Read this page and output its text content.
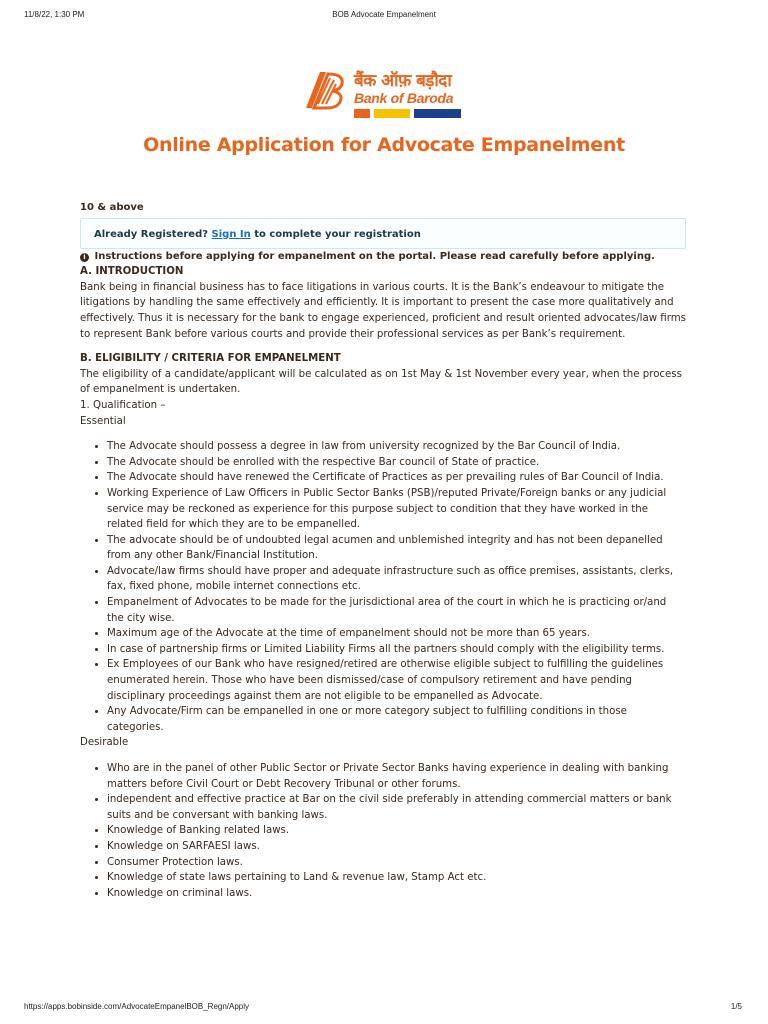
11/8/22, 1:30 PM	BOB Advocate Empanelment
बैंक ऑफ़ बड़ौदा
Bank of Baroda
Online Application for Advocate Empanelment

10 & above

Already Registered? Sign In to complete your registration

i Instructions before applying for empanelment on the portal. Please read carefully before applying.

A. INTRODUCTION

Bank being in financial business has to face litigations in various courts. It is the Bank’s endeavour to mitigate the litigations by handling the same effectively and efficiently. It is important to present the case more qualitatively and effectively. Thus it is necessary for the bank to engage experienced, proficient and result oriented advocates/law firms to represent Bank before various courts and provide their professional services as per Bank’s requirement.

B. ELIGIBILITY / CRITERIA FOR EMPANELMENT

The eligibility of a candidate/applicant will be calculated as on 1st May & 1st November every year, when the process of empanelment is undertaken.

1. Qualification –

Essential

• The Advocate should possess a degree in law from university recognized by the Bar Council of India.
• The Advocate should be enrolled with the respective Bar council of State of practice.
• The Advocate should have renewed the Certificate of Practices as per prevailing rules of Bar Council of India.
• Working Experience of Law Officers in Public Sector Banks (PSB)/reputed Private/Foreign banks or any judicial service may be reckoned as experience for this purpose subject to condition that they have worked in the related field for which they are to be empanelled.
• The advocate should be of undoubted legal acumen and unblemished integrity and has not been depanelled from any other Bank/Financial Institution.
• Advocate/law firms should have proper and adequate infrastructure such as office premises, assistants, clerks, fax, fixed phone, mobile internet connections etc.
• Empanelment of Advocates to be made for the jurisdictional area of the court in which he is practicing or/and the city wise.
• Maximum age of the Advocate at the time of empanelment should not be more than 65 years.
• In case of partnership firms or Limited Liability Firms all the partners should comply with the eligibility terms.
• Ex Employees of our Bank who have resigned/retired are otherwise eligible subject to fulfilling the guidelines enumerated herein. Those who have been dismissed/case of compulsory retirement and have pending disciplinary proceedings against them are not eligible to be empanelled as Advocate.
• Any Advocate/Firm can be empanelled in one or more category subject to fulfilling conditions in those categories.

Desirable

• Who are in the panel of other Public Sector or Private Sector Banks having experience in dealing with banking matters before Civil Court or Debt Recovery Tribunal or other forums.
• independent and effective practice at Bar on the civil side preferably in attending commercial matters or bank suits and be conversant with banking laws.
• Knowledge of Banking related laws.
• Knowledge on SARFAESI laws.
• Consumer Protection laws.
• Knowledge of state laws pertaining to Land & revenue law, Stamp Act etc.
• Knowledge on criminal laws.
https://apps.bobinside.com/AdvocateEmpanelBOB_Regn/Apply	1/5
